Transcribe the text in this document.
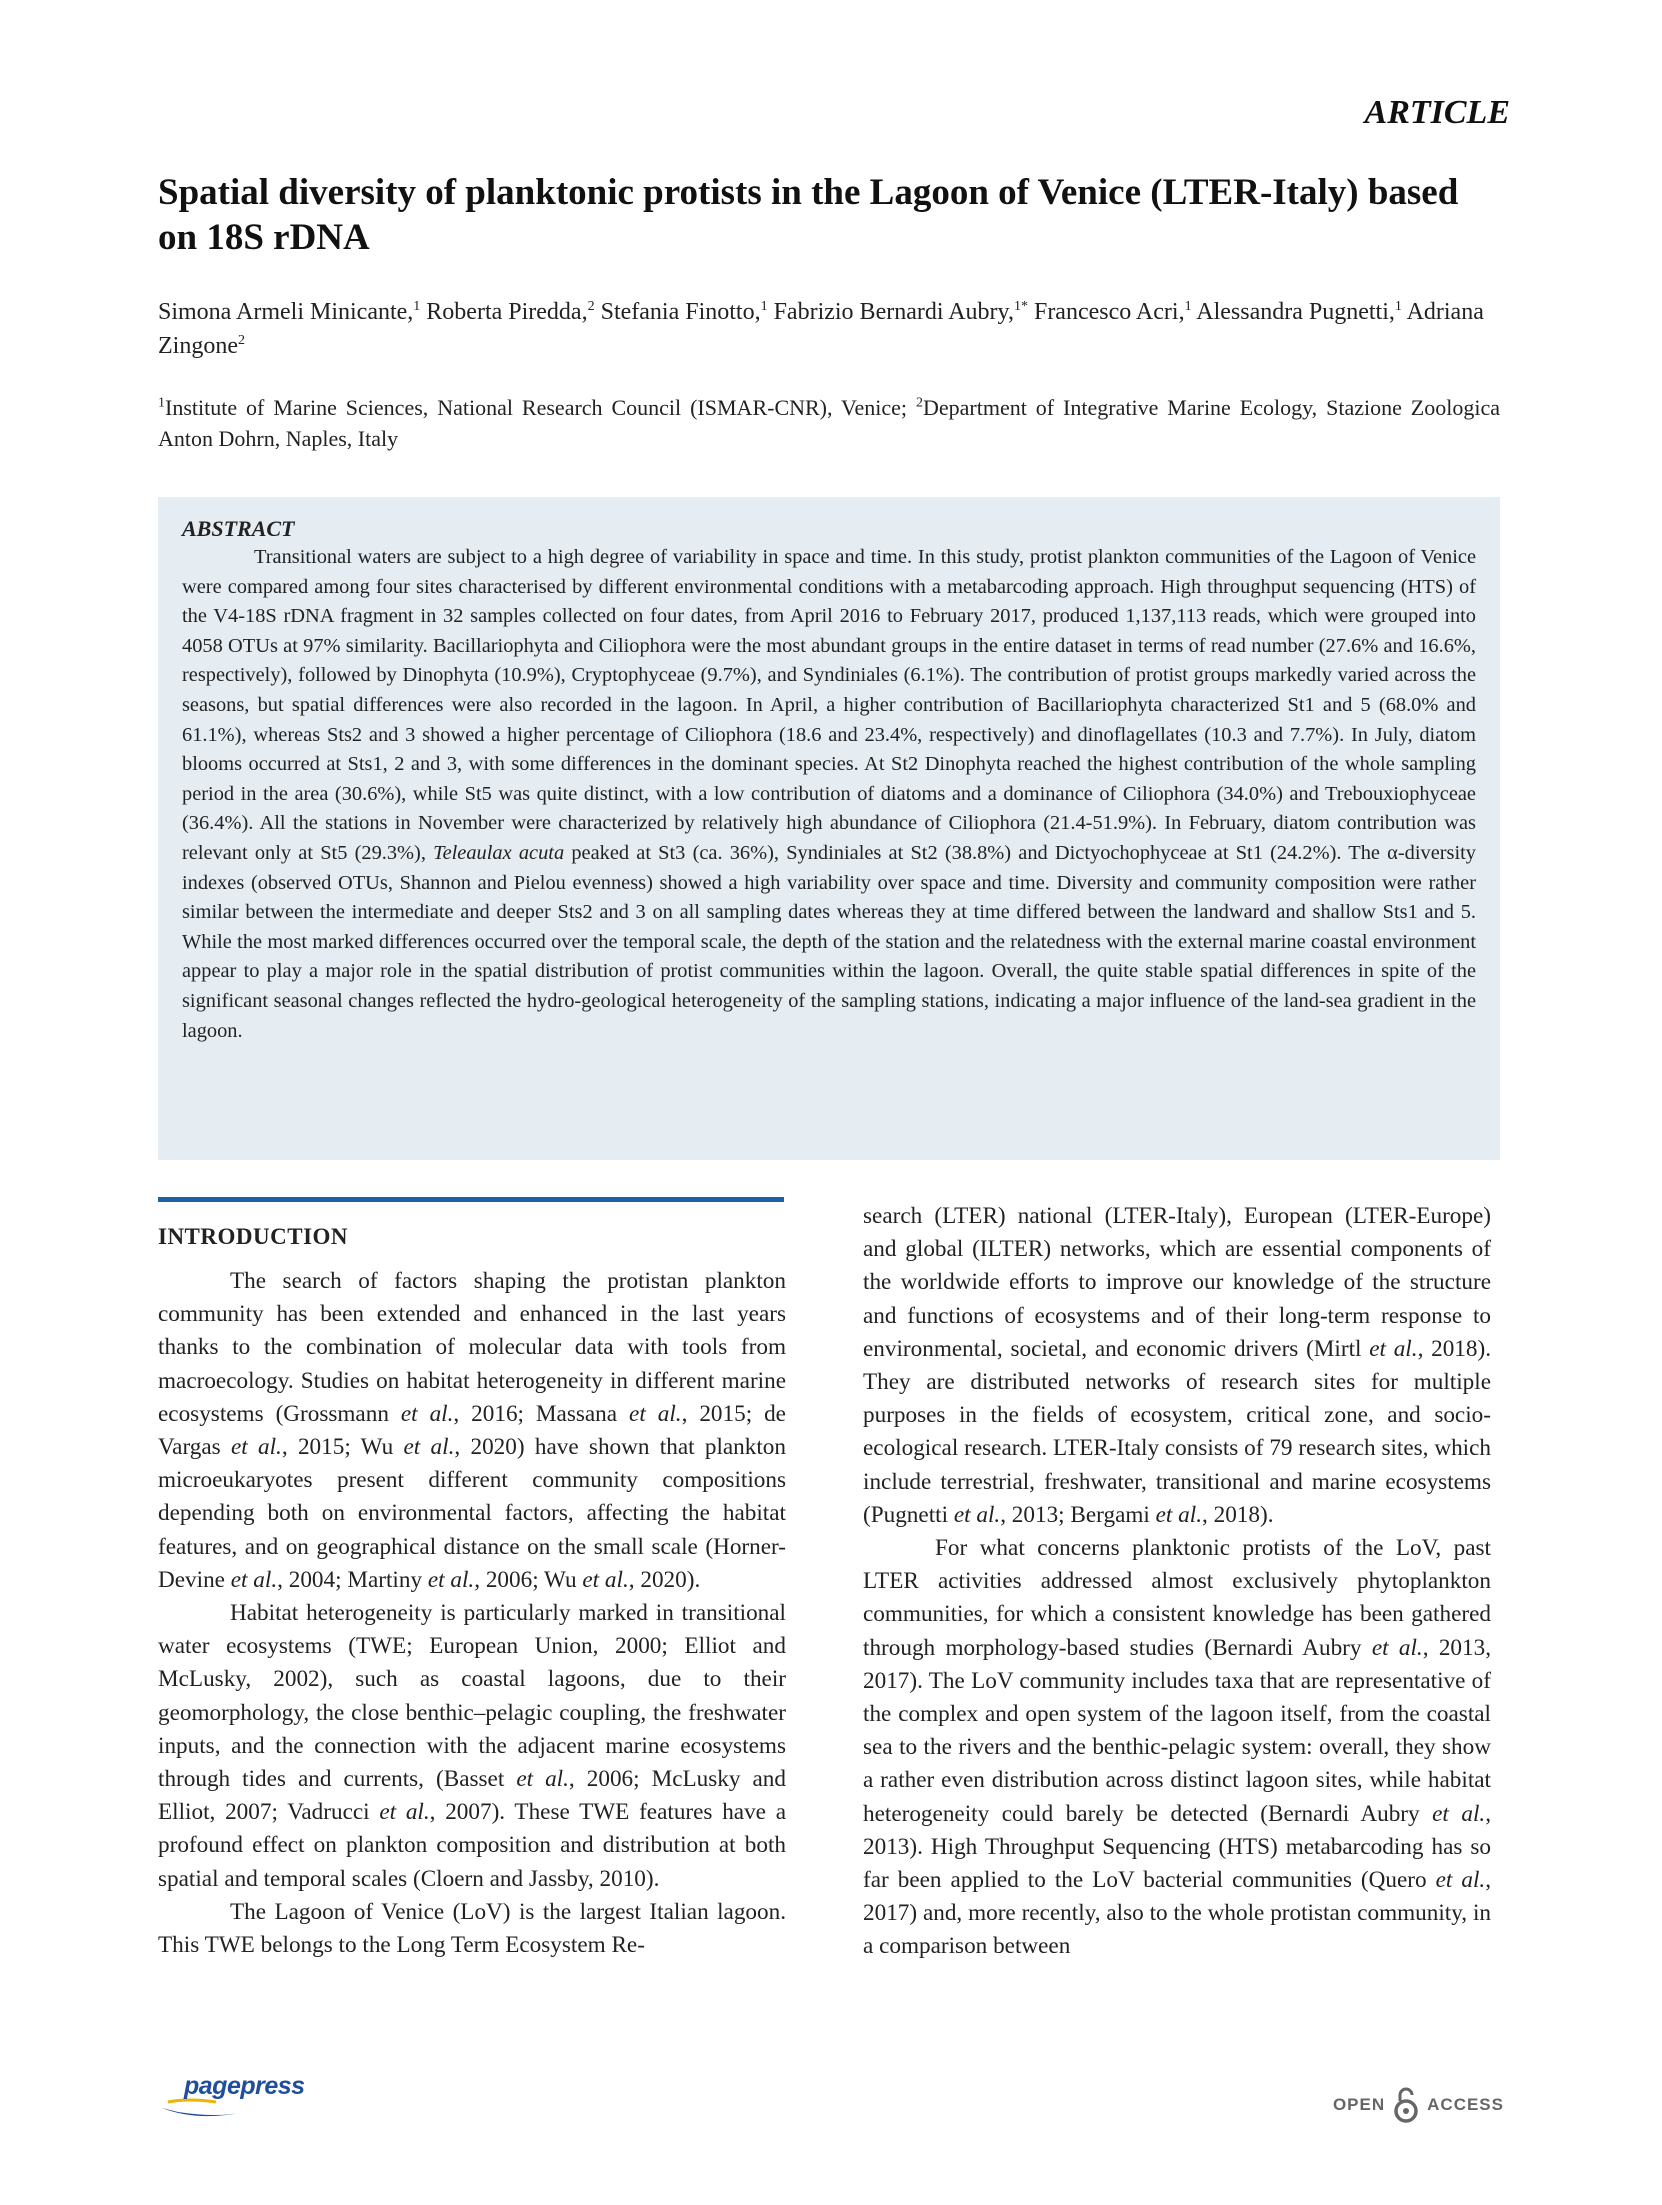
ARTICLE
Spatial diversity of planktonic protists in the Lagoon of Venice (LTER-Italy) based on 18S rDNA
Simona Armeli Minicante,$^1$ Roberta Piredda,$^2$ Stefania Finotto,$^1$ Fabrizio Bernardi Aubry,$^{1*}$ Francesco Acri,$^1$ Alessandra Pugnetti,$^1$ Adriana Zingone$^2$
$^1$Institute of Marine Sciences, National Research Council (ISMAR-CNR), Venice; $^2$Department of Integrative Marine Ecology, Stazione Zoologica Anton Dohrn, Naples, Italy
ABSTRACT

Transitional waters are subject to a high degree of variability in space and time. In this study, protist plankton communities of the Lagoon of Venice were compared among four sites characterised by different environmental conditions with a metabarcoding approach. High throughput sequencing (HTS) of the V4-18S rDNA fragment in 32 samples collected on four dates, from April 2016 to February 2017, produced 1,137,113 reads, which were grouped into 4058 OTUs at 97% similarity. Bacillariophyta and Ciliophora were the most abundant groups in the entire dataset in terms of read number (27.6% and 16.6%, respectively), followed by Dinophyta (10.9%), Cryptophyceae (9.7%), and Syndiniales (6.1%). The contribution of protist groups markedly varied across the seasons, but spatial differences were also recorded in the lagoon. In April, a higher contribution of Bacillariophyta characterized St1 and 5 (68.0% and 61.1%), whereas Sts2 and 3 showed a higher percentage of Ciliophora (18.6 and 23.4%, respectively) and dinoflagellates (10.3 and 7.7%). In July, diatom blooms occurred at Sts1, 2 and 3, with some differences in the dominant species. At St2 Dinophyta reached the highest contribution of the whole sampling period in the area (30.6%), while St5 was quite distinct, with a low contribution of diatoms and a dominance of Ciliophora (34.0%) and Trebouxiophyceae (36.4%). All the stations in November were characterized by relatively high abundance of Ciliophora (21.4-51.9%). In February, diatom contribution was relevant only at St5 (29.3%), Teleaulax acuta peaked at St3 (ca. 36%), Syndiniales at St2 (38.8%) and Dictyochophyceae at St1 (24.2%). The α-diversity indexes (observed OTUs, Shannon and Pielou evenness) showed a high variability over space and time. Diversity and community composition were rather similar between the intermediate and deeper Sts2 and 3 on all sampling dates whereas they at time differed between the landward and shallow Sts1 and 5. While the most marked differences occurred over the temporal scale, the depth of the station and the relatedness with the external marine coastal environment appear to play a major role in the spatial distribution of protist communities within the lagoon. Overall, the quite stable spatial differences in spite of the significant seasonal changes reflected the hydro-geological heterogeneity of the sampling stations, indicating a major influence of the land-sea gradient in the lagoon.

INTRODUCTION

The search of factors shaping the protistan plankton community has been extended and enhanced in the last years thanks to the combination of molecular data with tools from macroecology. Studies on habitat heterogeneity in different marine ecosystems (Grossmann et al., 2016; Massana et al., 2015; de Vargas et al., 2015; Wu et al., 2020) have shown that plankton microeukaryotes present different community compositions depending both on environmental factors, affecting the habitat features, and on geographical distance on the small scale (Horner-Devine et al., 2004; Martiny et al., 2006; Wu et al., 2020).

Habitat heterogeneity is particularly marked in transitional water ecosystems (TWE; European Union, 2000; Elliot and McLusky, 2002), such as coastal lagoons, due to their geomorphology, the close benthic–pelagic coupling, the freshwater inputs, and the connection with the adjacent marine ecosystems through tides and currents, (Basset et al., 2006; McLusky and Elliot, 2007; Vadrucci et al., 2007). These TWE features have a profound effect on plankton composition and distribution at both spatial and temporal scales (Cloern and Jassby, 2010).

The Lagoon of Venice (LoV) is the largest Italian lagoon. This TWE belongs to the Long Term Ecosystem Re-

search (LTER) national (LTER-Italy), European (LTER-Europe) and global (ILTER) networks, which are essential components of the worldwide efforts to improve our knowledge of the structure and functions of ecosystems and of their long-term response to environmental, societal, and economic drivers (Mirtl et al., 2018). They are distributed networks of research sites for multiple purposes in the fields of ecosystem, critical zone, and socio-ecological research. LTER-Italy consists of 79 research sites, which include terrestrial, freshwater, transitional and marine ecosystems (Pugnetti et al., 2013; Bergami et al., 2018).

For what concerns planktonic protists of the LoV, past LTER activities addressed almost exclusively phytoplankton communities, for which a consistent knowledge has been gathered through morphology-based studies (Bernardi Aubry et al., 2013, 2017). The LoV community includes taxa that are representative of the complex and open system of the lagoon itself, from the coastal sea to the rivers and the benthic-pelagic system: overall, they show a rather even distribution across distinct lagoon sites, while habitat heterogeneity could barely be detected (Bernardi Aubry et al., 2013). High Throughput Sequencing (HTS) metabarcoding has so far been applied to the LoV bacterial communities (Quero et al., 2017) and, more recently, also to the whole protistan community, in a comparison between

pagepress
OPEN ACCESS
